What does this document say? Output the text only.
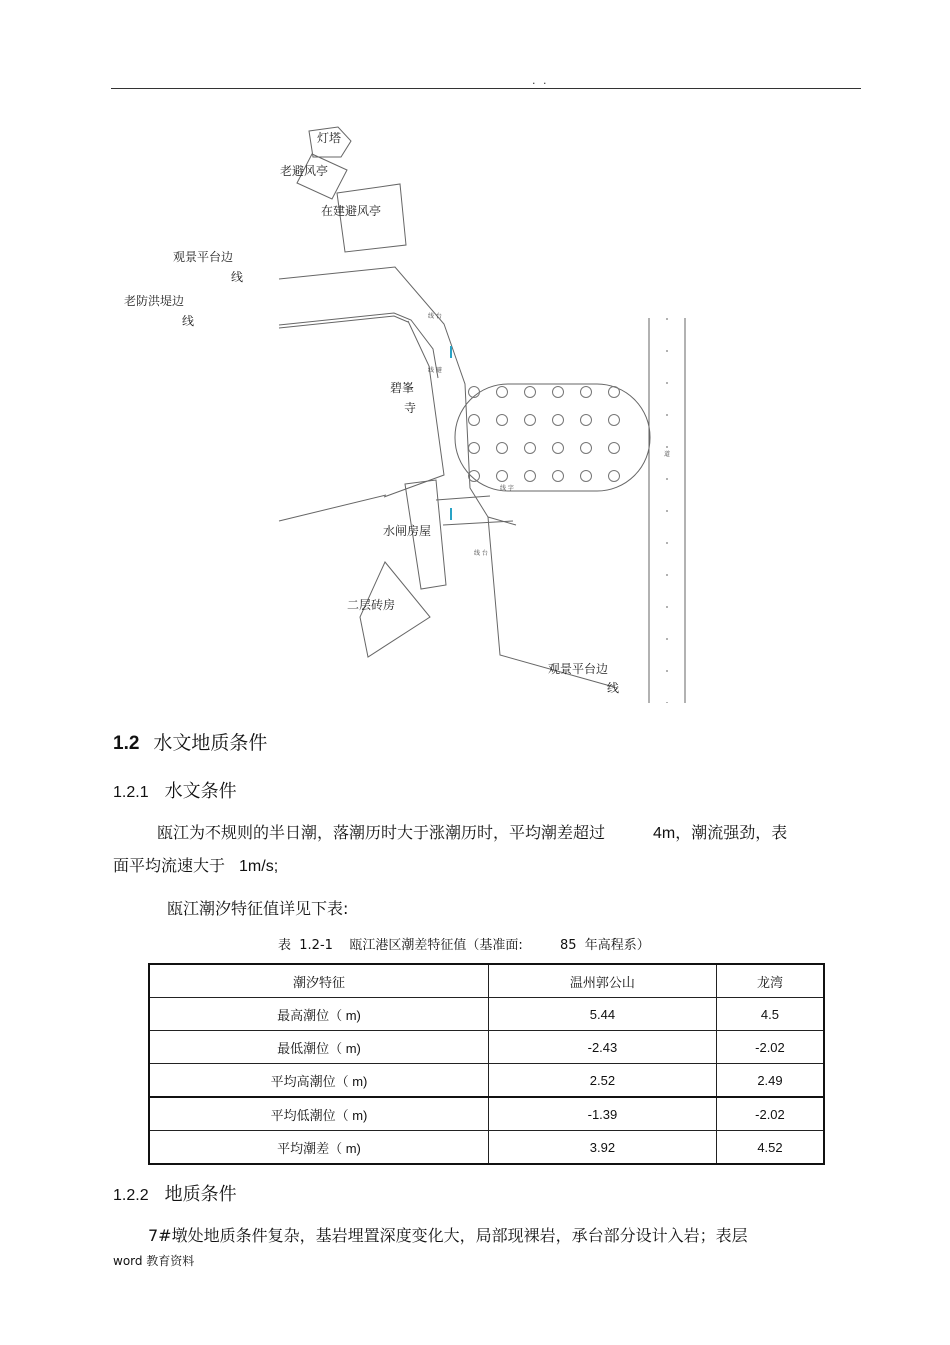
. .
线 台
线 避
线 字
线 台
道
灯塔
老避风亭
在建避风亭
观景平台边
线
老防洪堤边
线
碧峯
寺
水闸房屋
二层砖房
观景平台边
线
1.2 水文地质条件
1.2.1 水文条件
瓯江为不规则的半日潮，落潮历时大于涨潮历时，平均潮差超过	4m，潮流强劲，表
面平均流速大于 1m/s;
瓯江潮汐特征值详见下表:
表  1.2-1    瓯江港区潮差特征值（基准面:         85  年高程系）
潮汐特征	温州郭公山	龙湾
最高潮位（ m)	5.44	4.5
最低潮位（ m)	-2.43	-2.02
平均高潮位（ m)	2.52	2.49
平均低潮位（ m)	-1.39	-2.02
平均潮差（ m)	3.92	4.52
1.2.2 地质条件
7#墩处地质条件复杂，基岩埋置深度变化大，局部现裸岩，承台部分设计入岩；表层
word 教育资料
